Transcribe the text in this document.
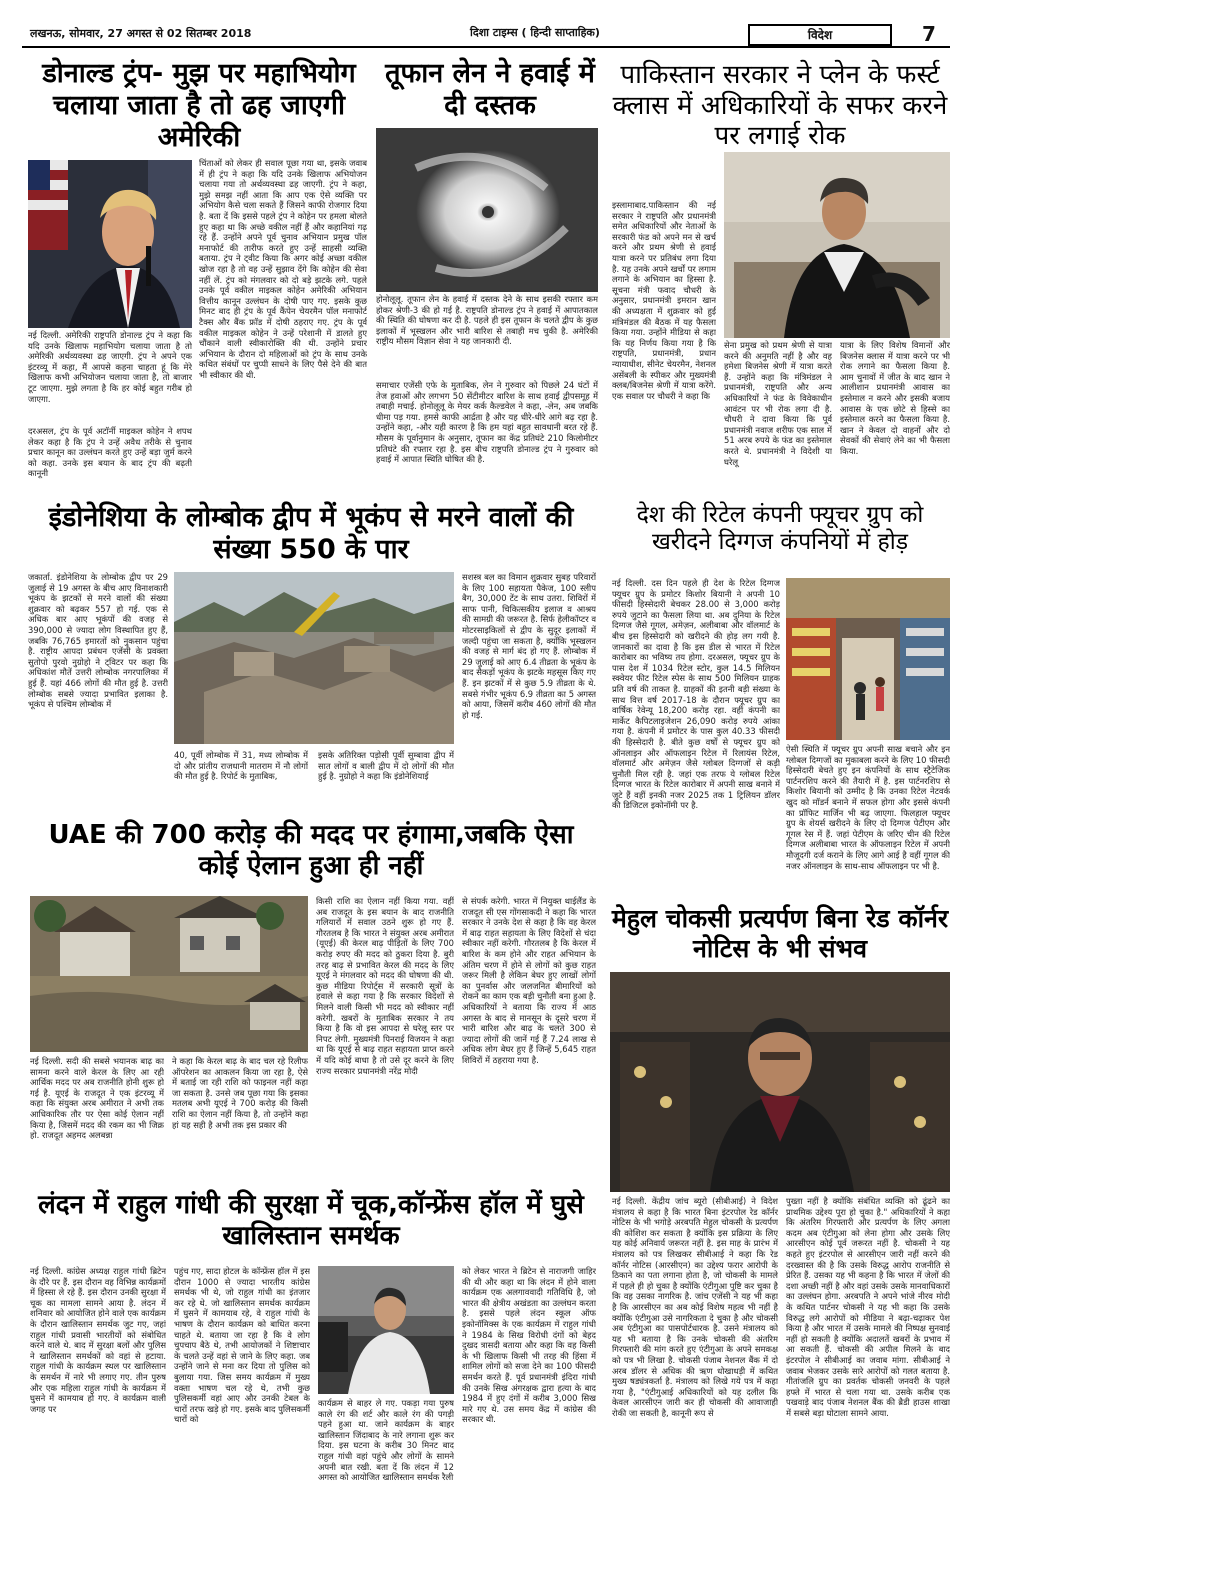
लखनऊ, सोमवार, 27 अगस्त से 02 सितम्बर 2018	दिशा टाइम्स ( हिन्दी साप्ताहिक)	विदेश	7
डोनाल्ड ट्रंप- मुझ पर महाभियोग चलाया जाता है तो ढह जाएगी अमेरिकी
नई दिल्ली. अमेरिकी राष्ट्रपति डोनाल्ड ट्रंप ने कहा कि यदि उनके खिलाफ महाभियोग चलाया जाता है तो अमेरिकी अर्थव्यवस्था ढह जाएगी. ट्रंप ने अपने एक इंटरव्यू में कहा, मैं आपसे कहना चाहता हूं कि मेरे खिलाफ कभी अभियोजन चलाया जाता है, तो बाजार टूट जाएगा. मुझे लगता है कि हर कोई बहुत गरीब हो जाएगा.
दरअसल, ट्रंप के पूर्व अटॉर्नी माइकल कोहेन ने शपथ लेकर कहा है कि ट्रंप ने उन्हें अवैध तरीके से चुनाव प्रचार कानून का उल्लंघन करते हुए उन्हें बड़ा जुर्म करने को कहा. उनके इस बयान के बाद ट्रंप की बढ़ती कानूनी
चिंताओं को लेकर ही सवाल पूछा गया था, इसके जवाब में ही ट्रंप ने कहा कि यदि उनके खिलाफ अभियोजन चलाया गया तो अर्थव्यवस्था ढह जाएगी. ट्रंप ने कहा, मुझे समझ नहीं आता कि आप एक ऐसे व्यक्ति पर अभियोग कैसे चला सकते हैं जिसने काफी रोजगार दिया है. बता दें कि इससे पहले ट्रंप ने कोहेन पर हमला बोलते हुए कहा था कि अच्छे वकील नहीं हैं और कहानियां गढ़ रहे हैं. उन्होंने अपने पूर्व चुनाव अभियान प्रमुख पॉल मनाफोर्ट की तारीफ करते हुए उन्हें साहसी व्यक्ति बताया. ट्रंप ने ट्वीट किया कि अगर कोई अच्छा वकील खोज रहा है तो वह उन्हें सुझाव देंगे कि कोहेन की सेवा नहीं लें. ट्रंप को मंगलवार को दो बड़े झटके लगे. पहले उनके पूर्व वकील माइकल कोहेन अमेरिकी अभियान वित्तीय कानून उल्लंघन के दोषी पाए गए. इसके कुछ मिनट बाद ही ट्रंप के पूर्व कैंपेन चेयरमैन पॉल मनाफोर्ट टैक्स और बैंक फ्रॉड में दोषी ठहराए गए. ट्रंप के पूर्व वकील माइकल कोहेन ने उन्हें परेशानी में डालते हुए चौंकाने वाली स्वीकारोक्ति की थी. उन्होंने प्रचार अभियान के दौरान दो महिलाओं को ट्रंप के साथ उनके कथित संबंधों पर चुप्पी साधने के लिए पैसे देने की बात भी स्वीकार की थी.
तूफान लेन ने हवाई में दी दस्तक
होनोलूलू. तूफान लेन के हवाई में दस्तक देने के साथ इसकी रफ्तार कम होकर श्रेणी-3 की हो गई है. राष्ट्रपति डोनाल्ड ट्रंप ने हवाई में आपातकाल की स्थिति की घोषणा कर दी है. पहले ही इस तूफान के चलते द्वीप के कुछ इलाकों में भूस्खलन और भारी बारिश से तबाही मच चुकी है. अमेरिकी राष्ट्रीय मौसम विज्ञान सेवा ने यह जानकारी दी.
समाचार एजेंसी एफे के मुताबिक, लेन ने गुरुवार को पिछले 24 घंटों में तेज हवाओं और लगभग 50 सेंटीमीटर बारिश के साथ हवाई द्वीपसमूह में तबाही मचाई. होनोलूलू के मेयर कर्क कैल्डवेल ने कहा, -लेन, अब जबकि धीमा पड़ गया. हमसे काफी आर्द्रता है और यह धीरे-धीरे आगे बढ़ रहा है. उन्होंने कहा, -और यही कारण है कि हम यहां बहुत सावधानी बरत रहे हैं. मौसम के पूर्वानुमान के अनुसार, तूफान का केंद्र प्रतिघंटे 210 किलोमीटर प्रतिघंटे की रफ्तार रहा है. इस बीच राष्ट्रपति डोनाल्ड ट्रंप ने गुरुवार को हवाई में आपात स्थिति घोषित की है.
पाकिस्तान सरकार ने प्लेन के फर्स्ट क्लास में अधिकारियों के सफर करने पर लगाई रोक
इस्लामाबाद.पाकिस्तान की नई सरकार ने राष्ट्रपति और प्रधानमंत्री समेत अधिकारियों और नेताओं के सरकारी फंड को अपने मन से खर्च करने और प्रथम श्रेणी से हवाई यात्रा करने पर प्रतिबंध लगा दिया है. यह उनके अपने खर्चों पर लगाम लगाने के अभियान का हिस्सा है. सूचना मंत्री फवाद चौधरी के अनुसार, प्रधानमंत्री इमरान खान की अध्यक्षता में शुक्रवार को हुई मंत्रिमंडल की बैठक में यह फैसला किया गया. उन्होंने मीडिया से कहा कि यह निर्णय किया गया है कि राष्ट्रपति, प्रधानमंत्री, प्रधान न्यायाधीश, सीनेट चेयरमैन, नेशनल असेंबली के स्पीकर और मुख्यमंत्री क्लब/बिजनेस श्रेणी में यात्रा करेंगे. एक सवाल पर चौधरी ने कहा कि
सेना प्रमुख को प्रथम श्रेणी से यात्रा करने की अनुमति नहीं है और वह हमेशा बिजनेस श्रेणी में यात्रा करते हैं. उन्होंने कहा कि मंत्रिमंडल ने प्रधानमंत्री, राष्ट्रपति और अन्य अधिकारियों ने फंड के विवेकाधीन आवंटन पर भी रोक लगा दी है. चौधरी ने दावा किया कि पूर्व प्रधानमंत्री नवाज शरीफ एक साल में 51 अरब रुपये के फंड का इस्तेमाल करते थे. प्रधानमंत्री ने विदेशी या घरेलू
यात्रा के लिए विशेष विमानों और बिजनेस क्लास में यात्रा करने पर भी रोक लगाने का फैसला किया है. आम चुनावों में जीत के बाद खान ने आलीशान प्रधानमंत्री आवास का इस्तेमाल न करने और इसकी बजाय आवास के एक छोटे से हिस्से का इस्तेमाल करने का फैसला किया है. खान ने केवल दो वाहनों और दो सेवकों की सेवाएं लेने का भी फैसला किया.
इंडोनेशिया के लोम्बोक द्वीप में भूकंप से मरने वालों की संख्या 550 के पार
जकार्ता. इंडोनेशिया के लोम्बोक द्वीप पर 29 जुलाई से 19 अगस्त के बीच आए विनाशकारी भूकंप के झटकों से मरने वालों की संख्या शुक्रवार को बढ़कर 557 हो गई. एक से अधिक बार आए भूकंपों की वजह से 390,000 से ज्यादा लोग विस्थापित हुए हैं, जबकि 76,765 इमारतों को नुकसान पहुंचा है. राष्ट्रीय आपदा प्रबंधन एजेंसी के प्रवक्ता सुतोपो पुरवो नुग्रोहो ने ट्विटर पर कहा कि अधिकांश मौतें उत्तरी लोम्बोक नगरपालिका में हुई हैं. यहां 466 लोगों की मौत हुई है. उत्तरी लोम्बोक सबसे ज्यादा प्रभावित इलाका है. भूकंप से पश्चिम लोम्बोक में
40, पूर्वी लोम्बोक में 31, मध्य लोम्बोक में दो और प्रांतीय राजधानी मातराम में नौ लोगों की मौत हुई है. रिपोर्ट के मुताबिक,
इसके अतिरिक्त पड़ोसी पूर्वी सुम्बावा द्वीप में सात लोगों व बाली द्वीप में दो लोगों की मौत हुई है. नुग्रोहो ने कहा कि इंडोनेशियाई
सशस्त्र बल का विमान शुक्रवार सुबह परिवारों के लिए 100 सहायता पैकेज, 100 स्लीप बैग, 30,000 टेंट के साथ उतरा. शिविरों में साफ पानी, चिकित्सकीय इलाज व आश्रय की सामग्री की जरूरत है. सिर्फ हेलीकॉप्टर व मोटरसाइकिलों से द्वीप के सुदूर इलाकों में जल्दी पहुंचा जा सकता है, क्योंकि भूस्खलन की वजह से मार्ग बंद हो गए हैं. लोम्बोक में 29 जुलाई को आए 6.4 तीव्रता के भूकंप के बाद सैकड़ों भूकंप के झटके महसूस किए गए हैं. इन झटकों में से कुछ 5.9 तीव्रता के थे. सबसे गंभीर भूकंप 6.9 तीव्रता का 5 अगस्त को आया, जिसमें करीब 460 लोगों की मौत हो गई.
देश की रिटेल कंपनी फ्यूचर ग्रुप को खरीदने दिग्गज कंपनियों में होड़
नई दिल्ली. दस दिन पहले ही देश के रिटेल दिग्गज फ्यूचर ग्रुप के प्रमोटर किशोर बियानी ने अपनी 10 फीसदी हिस्सेदारी बेचकर 28.00 से 3,000 करोड़ रुपये जुटाने का फैसला लिया था. अब दुनिया के रिटेल दिग्गज जैसे गूगल, अमेज़न, अलीबाबा और वॉलमार्ट के बीच इस हिस्सेदारी को खरीदने की होड़ लग गयी है. जानकारों का दावा है कि इस डील से भारत में रिटेल कारोबार का भविष्य तय होगा. दरअसल, फ्यूचर ग्रुप के पास देश में 1034 रिटेल स्टोर, कुल 14.5 मिलियन स्क्वेयर फीट रिटेल स्पेस के साथ 500 मिलियन ग्राहक प्रति वर्ष की ताकत है. ग्राहकों की इतनी बड़ी संख्या के साथ वित्त वर्ष 2017-18 के दौरान फ्यूचर ग्रुप का वार्षिक रेवेन्यू 18,200 करोड़ रहा. वहीं कंपनी का मार्केट कैपिटलाइजेशन 26,090 करोड़ रुपये आंका गया है. कंपनी में प्रमोटर के पास कुल 40.33 फीसदी की हिस्सेदारी है. बीते कुछ वर्षों से फ्यूचर ग्रुप को ऑनलाइन और ऑफलाइन रिटेल में रिलायंस रिटेल, वॉलमार्ट और अमेज़न जैसे ग्लोबल दिग्गजों से कड़ी चुनौती मिल रही है. जहां एक तरफ ये ग्लोबल रिटेल दिग्गज भारत के रिटेल कारोबार में अपनी साख बनाने में जुटे हैं वहीं इनकी नजर 2025 तक 1 ट्रिलियन डॉलर की डिजिटल इकोनॉमी पर है.
ऐसी स्थिति में फ्यूचर ग्रुप अपनी साख बचाने और इन ग्लोबल दिग्गजों का मुकाबला करने के लिए 10 फीसदी हिस्सेदारी बेचते हुए इन कंपनियों के साथ स्ट्रैटेजिक पार्टनरशिप करने की तैयारी में है. इस पार्टनरशिप से किशोर बियानी को उम्मीद है कि उनका रिटेल नेटवर्क खुद को मॉडर्न बनाने में सफल होगा और इससे कंपनी का प्रॉफिट मार्जिन भी बढ़ जाएगा. फिलहाल फ्यूचर ग्रुप के शेयर्स खरीदने के लिए दो दिग्गज पेटीएम और गूगल रेस में हैं. जहां पेटीएम के जरिए चीन की रिटेल दिग्गज अलीबाबा भारत के ऑफलाइन रिटेल में अपनी मौजूदगी दर्ज कराने के लिए आगे आई है वहीं गूगल की नजर ऑनलाइन के साथ-साथ ऑफलाइन पर भी है.
UAE की 700 करोड़ की मदद पर हंगामा,जबकि ऐसा कोई ऐलान हुआ ही नहीं
नई दिल्ली. सदी की सबसे भयानक बाढ़ का सामना करने वाले केरल के लिए आ रही आर्थिक मदद पर अब राजनीति होनी शुरू हो गई है. यूएई के राजदूत ने एक इंटरव्यू में कहा कि संयुक्त अरब अमीरात ने अभी तक आधिकारिक तौर पर ऐसा कोई ऐलान नहीं किया है, जिसमें मदद की रकम का भी जिक्र हो. राजदूत अहमद अलबन्ना
ने कहा कि केरल बाढ़ के बाद चल रहे रिलीफ ऑपरेशन का आकलन किया जा रहा है, ऐसे में बताई जा रही राशि को फाइनल नहीं कहा जा सकता है. उनसे जब पूछा गया कि इसका मतलब अभी यूएई ने 700 करोड़ की किसी राशि का ऐलान नहीं किया है, तो उन्होंने कहा हां यह सही है अभी तक इस प्रकार की
किसी राशि का ऐलान नहीं किया गया. वहीं अब राजदूत के इस बयान के बाद राजनीति गलियारों में सवाल उठने शुरू हो गए हैं. गौरतलब है कि भारत ने संयुक्त अरब अमीरात (यूएई) की केरल बाढ़ पीड़ितों के लिए 700 करोड़ रुपए की मदद को ठुकरा दिया है. बुरी तरह बाढ़ से प्रभावित केरल की मदद के लिए यूएई ने मंगलवार को मदद की घोषणा की थी. कुछ मीडिया रिपोर्ट्स में सरकारी सूत्रों के हवाले से कहा गया है कि सरकार विदेशों से मिलने वाली किसी भी मदद को स्वीकार नहीं करेगी. खबरों के मुताबिक सरकार ने तय किया है कि वो इस आपदा से घरेलू स्तर पर निपट लेगी. मुख्यमंत्री पिनराई विजयन ने कहा था कि यूएई से बाढ़ राहत सहायता प्राप्त करने में यदि कोई बाधा है तो उसे दूर करने के लिए राज्य सरकार प्रधानमंत्री नरेंद्र मोदी
से संपर्क करेगी. भारत में नियुक्त थाईलैंड के राजदूत सी एस गोंगसाकदी ने कहा कि भारत सरकार ने उनके देश से कहा है कि वह केरल में बाढ़ राहत सहायता के लिए विदेशों से चंदा स्वीकार नहीं करेगी. गौरतलब है कि केरल में बारिश के कम होने और राहत अभियान के अंतिम चरण में होने से लोगों को कुछ राहत जरूर मिली है लेकिन बेघर हुए लाखों लोगों का पुनर्वास और जलजनित बीमारियों को रोकने का काम एक बड़ी चुनौती बना हुआ है. अधिकारियों ने बताया कि राज्य में आठ अगस्त के बाद से मानसून के दूसरे चरण में भारी बारिश और बाढ़ के चलते 300 से ज्यादा लोगों की जानें गई हैं 7.24 लाख से अधिक लोग बेघर हुए हैं जिन्हें 5,645 राहत शिविरों में ठहराया गया है.
मेहुल चोकसी प्रत्यर्पण बिना रेड कॉर्नर नोटिस के भी संभव
नई दिल्ली. केंद्रीय जांच ब्यूरो (सीबीआई) ने विदेश मंत्रालय से कहा है कि भारत बिना इंटरपोल रेड कॉर्नर नोटिस के भी भगोड़े अरबपति मेहुल चोकसी के प्रत्यर्पण की कोशिश कर सकता है क्योंकि इस प्रक्रिया के लिए यह कोई अनिवार्य जरूरत नहीं है. इस माह के प्रारंभ में मंत्रालय को पत्र लिखकर सीबीआई ने कहा कि रेड कॉर्नर नोटिस (आरसीएन) का उद्देश्य फरार आरोपी के ठिकाने का पता लगाना होता है, जो चोकसी के मामले में पहले ही हो चुका है क्योंकि एंटीगुआ पुष्टि कर चुका है कि वह उसका नागरिक है. जांच एजेंसी ने यह भी कहा है कि आरसीएन का अब कोई विशेष महत्व भी नहीं है क्योंकि एंटीगुआ उसे नागरिकता दे चुका है और चोकसी अब एंटीगुआ का पासपोर्टधारक है. उसने मंत्रालय को यह भी बताया है कि उनके चोकसी की अंतरिम गिरफ्तारी की मांग करते हुए एंटीगुआ के अपने समकक्ष को पत्र भी लिखा है. चोकसी पंजाब नेशनल बैंक में दो अरब डॉलर से अधिक की ऋण धोखाधड़ी में कथित मुख्य षड्यंत्रकर्ता है. मंत्रालय को लिखे गये पत्र में कहा गया है, "एंटीगुआई अधिकारियों को यह दलील कि केवल आरसीएन जारी कर ही चोकसी की आवाजाही रोकी जा सकती है, कानूनी रूप से
पुख्ता नहीं है क्योंकि संबंधित व्यक्ति को ढूंढने का प्राथमिक उद्देश्य पूरा हो चुका है." अधिकारियों ने कहा कि अंतरिम गिरफ्तारी और प्रत्यर्पण के लिए अगला कदम अब एंटीगुआ को लेना होगा और उसके लिए आरसीएन कोई पूर्व जरूरत नहीं है. चोकसी ने यह कहते हुए इंटरपोल से आरसीएन जारी नहीं करने की दरख्वास्त की है कि उसके विरुद्ध आरोप राजनीति से प्रेरित हैं. उसका यह भी कहना है कि भारत में जेलों की दशा अच्छी नहीं है और वहां उसके उसके मानवाधिकारों का उल्लंघन होगा. अरबपति ने अपने भांजे नीरव मोदी के कथित पार्टनर चोकसी ने यह भी कहा कि उसके विरुद्ध लगे आरोपों को मीडिया ने बढ़ा-चढ़ाकर पेश किया है और भारत में उसके मामले की निष्पक्ष सुनवाई नहीं हो सकती है क्योंकि अदालतें खबरों के प्रभाव में आ सकती हैं. चोकसी की अपील मिलने के बाद इंटरपोल ने सीबीआई का जवाब मांगा. सीबीआई ने जवाब भेजकर उसके सारे आरोपों को गलत बताया है. गीतांजलि ग्रुप का प्रवर्तक चोकसी जनवरी के पहले हफ्ते में भारत से चला गया था. उसके करीब एक पखवाड़े बाद पंजाब नेशनल बैंक की ब्रैडी हाउस शाखा में सबसे बड़ा घोटाला सामने आया.
लंदन में राहुल गांधी की सुरक्षा में चूक,कॉन्फ्रेंस हॉल में घुसे खालिस्तान समर्थक
नई दिल्ली. कांग्रेस अध्यक्ष राहुल गांधी ब्रिटेन के दौरे पर हैं. इस दौरान वह विभिन्न कार्यक्रमों में हिस्सा ले रहे हैं. इस दौरान उनकी सुरक्षा में चूक का मामला सामने आया है. लंदन में शनिवार को आयोजित होने वाले एक कार्यक्रम के दौरान खालिस्तान समर्थक जुट गए, जहां राहुल गांधी प्रवासी भारतीयों को संबोधित करने वाले थे. बाद में सुरक्षा बलों और पुलिस ने खालिस्तान समर्थकों को वहां से हटाया. राहुल गांधी के कार्यक्रम स्थल पर खालिस्तान के समर्थन में नारे भी लगाए गए. तीन पुरुष और एक महिला राहुल गांधी के कार्यक्रम में घुसने में कामयाब हो गए. वे कार्यक्रम वाली जगह पर
पहुंच गए, सादा होटल के कॉन्फ्रेंस हॉल में इस दौरान 1000 से ज्यादा भारतीय कांग्रेस समर्थक भी थे, जो राहुल गांधी का इंतजार कर रहे थे. जो खालिस्तान समर्थक कार्यक्रम में घुसने में कामयाब रहे, वे राहुल गांधी के भाषण के दौरान कार्यक्रम को बाधित करना चाहते थे. बताया जा रहा है कि वे लोग चुपचाप बैठे थे, तभी आयोजकों ने शिष्टाचार के चलते उन्हें वहां से जाने के लिए कहा. जब उन्होंने जाने से मना कर दिया तो पुलिस को बुलाया गया. जिस समय कार्यक्रम में मुख्य वक्ता भाषण चल रहे थे, तभी कुछ पुलिसकर्मी वहां आए और उनकी टेबल के चारों तरफ खड़े हो गए. इसके बाद पुलिसकर्मी चारों को
कार्यक्रम से बाहर ले गए. पकड़ा गया पुरुष काले रंग की शर्ट और काले रंग की पगड़ी पहने हुआ था. जाने कार्यक्रम के बाहर खालिस्तान जिंदाबाद के नारे लगाना शुरू कर दिया. इस घटना के करीब 30 मिनट बाद राहुल गांधी वहां पहुंचे और लोगों के सामने अपनी बात रखी. बता दें कि लंदन में 12 अगस्त को आयोजित खालिस्तान समर्थक रैली
को लेकर भारत ने ब्रिटेन से नाराजगी जाहिर की थी और कहा था कि लंदन में होने वाला कार्यक्रम एक अलगाववादी गतिविधि है, जो भारत की क्षेत्रीय अखंडता का उल्लंघन करता है. इससे पहले लंदन स्कूल ऑफ इकोनॉमिक्स के एक कार्यक्रम में राहुल गांधी ने 1984 के सिख विरोधी दंगों को बेहद दुखद त्रासदी बताया और कहा कि वह किसी के भी खिलाफ किसी भी तरह की हिंसा में शामिल लोगों को सजा देने का 100 फीसदी समर्थन करते हैं. पूर्व प्रधानमंत्री इंदिरा गांधी की उनके सिख अंगरक्षक द्वारा हत्या के बाद 1984 में हुए दंगों में करीब 3,000 सिख मारे गए थे. उस समय केंद्र में कांग्रेस की सरकार थी.
